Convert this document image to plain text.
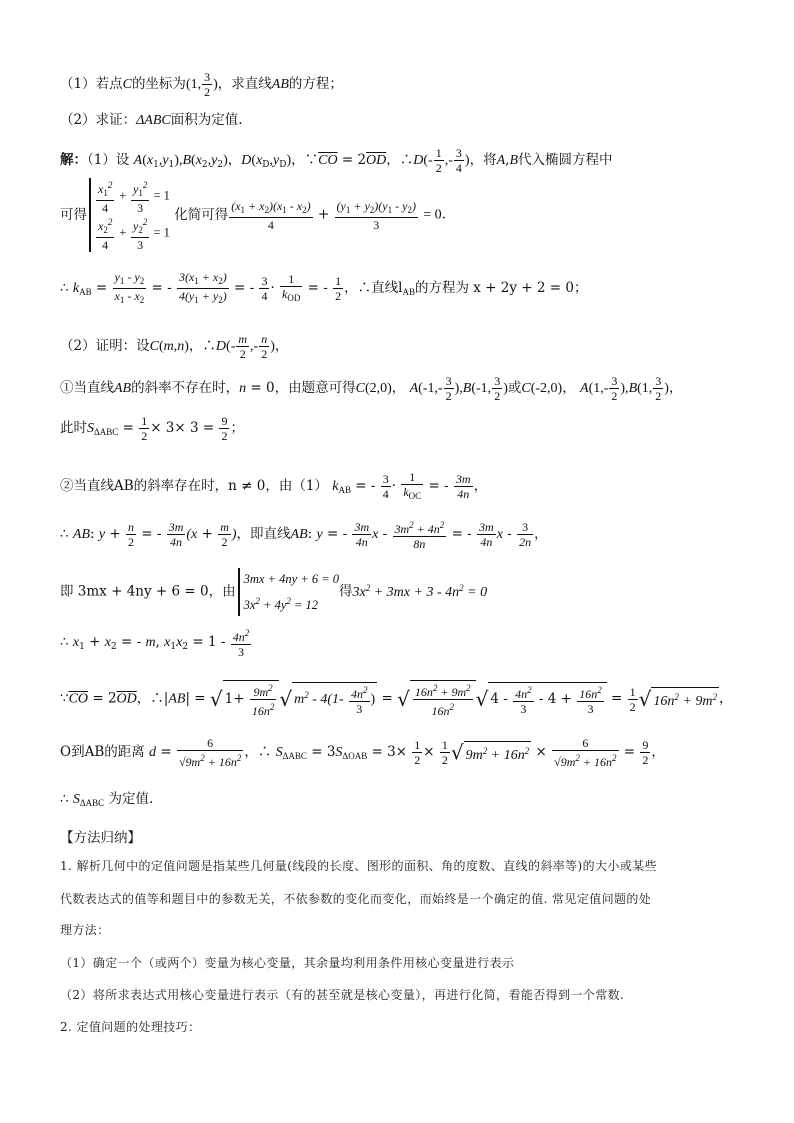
（1）若点C的坐标为(1, $\frac{3}{2}$ )，求直线AB的方程；
（2）求证：ΔABC面积为定值.
解：（1）设 $A(x_1,y_1),B(x_2,y_2)$，$D(x_D,y_D)$，$\because\overline{CO} = 2\overline{OD}$，∴D(- $\frac{1}{2}$ ,- $\frac{3}{4}$ )，将A,B代入椭圆方程中
可得 $\frac{x_1^2}{4} + \frac{y_1^2}{3} = 1$
$\frac{x_2^2}{4} + \frac{y_2^2}{3} = 1$
化简可得 $\frac{(x_1 + x_2)(x_1 - x_2)}{4} + \frac{(y_1 + y_2)(y_1 - y_2)}{3} = 0$.
∴ $k_{AB} = \frac{y_1 - y_2}{x_1 - x_2}$ = - $\frac{3(x_1 + x_2)}{4(y_1 + y_2)}$ = - $\frac{3}{4} \cdot \frac{1}{k_{OD}}$ = - $\frac{1}{2}$ ，∴直线$l_{AB}$的方程为 x + 2y + 2 = 0；
（2）证明：设C(m,n)，∴D(- $\frac{m}{2}$ ,- $\frac{n}{2}$ )，
①当直线AB的斜率不存在时，n = 0，由题意可得C(2,0)， $A(-1,- \frac{3}{2} ),B(-1$, $\frac{3}{2}$ )或C(-2,0)， $A(1,- \frac{3}{2} ),B(1$, $\frac{3}{2}$ )，
此时$S_{\Delta ABC} = \frac{1}{2} \times 3\times 3 = \frac{9}{2}$ ；
②当直线AB的斜率存在时，n ≠ 0，由（1） $k_{AB}$ = - $\frac{3}{4} \cdot \frac{1}{k_{OC}}$ = - $\frac{3m}{4n}$ ，
∴ AB: $y + \frac{n}{2}$ = - $\frac{3m}{4n} (x + \frac{m}{2}$ )，即直线AB: y = - $\frac{3m}{4n}$ x - $\frac{3m^2 + 4n^2}{8n}$ = - $\frac{3m}{4n}$ x - $\frac{3}{2n}$ ，
即 3mx + 4ny + 6 = 0，由
3mx + 4ny + 6 = 0
$3x^2 + 4y^2 = 12$
得$3x^2 + 3mx + 3 - 4n^2 = 0$
∴ $x_1 + x_2$ = - m, $x_1x_2 = 1 - \frac{4n^2}{3}$
$\because\overline{CO} = 2\overline{OD}$，∴|AB| = √ $1+ \frac{9m^2}{16n^2}$ √ $m^2 - 4(1- \frac{4n^2}{3}$ ) = √ $\frac{16n^2 + 9m^2}{16n^2}$ √ $4 - \frac{4n^2}{3} - 4 + \frac{16n^2}{3} = \frac{1}{2}$ √ $16n^2 + 9m^2$ ，
O到AB的距离 $d = \frac{6}{√9m^2 + 16n^2}$ ，∴ $S_{\Delta ABC} = 3S_{\Delta OAB} = 3\times \frac{1}{2} \times \frac{1}{2}$ √ $9m^2 + 16n^2 \times \frac{6}{√9m^2 + 16n^2} = \frac{9}{2}$ ，
∴ $S_{\Delta ABC}$ 为定值.
【方法归纳】
1. 解析几何中的定值问题是指某些几何量(线段的长度、图形的面积、角的度数、直线的斜率等)的大小或某些
代数表达式的值等和题目中的参数无关，不依参数的变化而变化，而始终是一个确定的值. 常见定值问题的处
理方法：
（1）确定一个（或两个）变量为核心变量，其余量均利用条件用核心变量进行表示
（2）将所求表达式用核心变量进行表示（有的甚至就是核心变量），再进行化简，看能否得到一个常数.
2. 定值问题的处理技巧：
